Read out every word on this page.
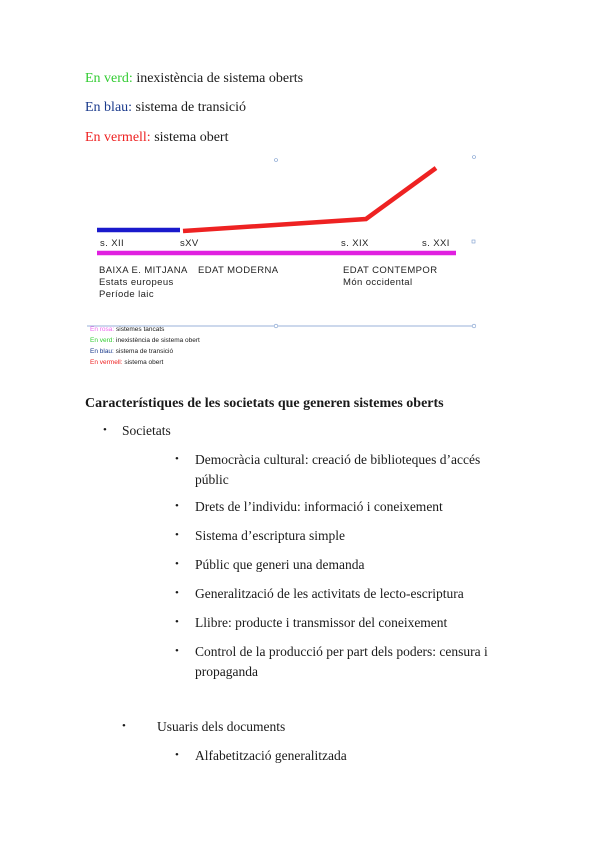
En verd: inexistència de sistema oberts
En blau: sistema de transició
En vermell: sistema obert
s. XII	sXV	s. XIX	s. XXI
BAIXA E. MITJANA EDAT MODERNA	EDAT CONTEMPOR
Estats europeus	Món occidental
Període laic
En rosa: sistemes tancats
En verd: inexistència de sistema obert
En blau: sistema de transició
En vermell: sistema obert
Característiques de les societats que generen sistemes oberts
• Societats
• Democràcia cultural: creació de biblioteques d’accés
públic
• Drets de l’individu: informació i coneixement
• Sistema d’escriptura simple
• Públic que generi una demanda
• Generalització de les activitats de lecto-escriptura
• Llibre: producte i transmissor del coneixement
• Control de la producció per part dels poders: censura i
propaganda
• Usuaris dels documents
• Alfabetització generalitzada
